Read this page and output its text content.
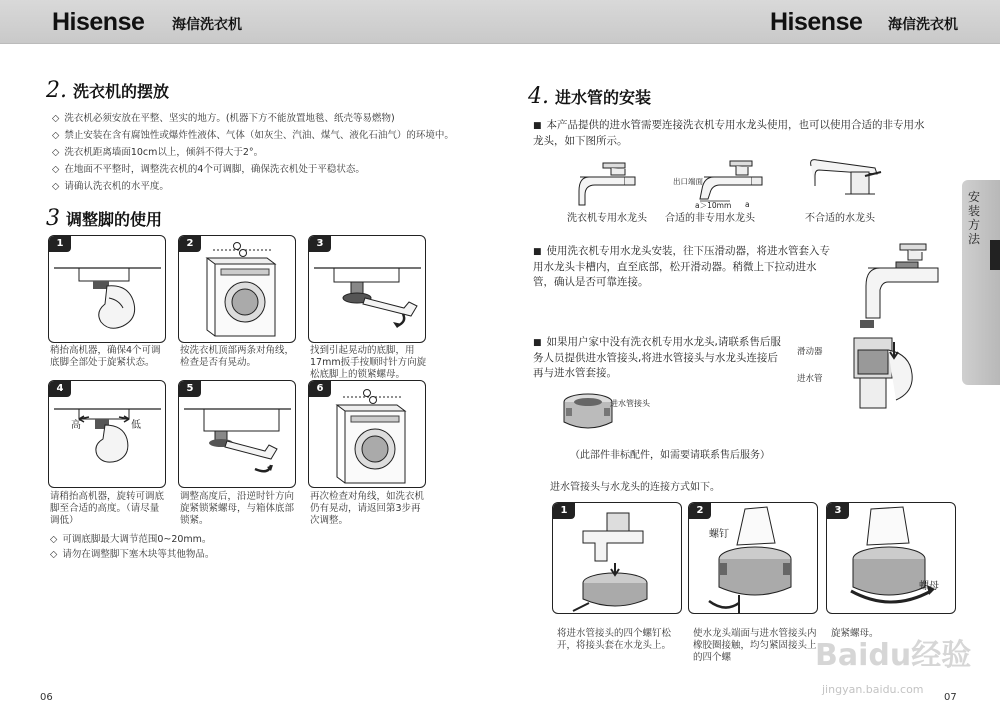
Hisense 海信洗衣机	Hisense 海信洗衣机
2. 洗衣机的摆放
◇ 洗衣机必须安放在平整、坚实的地方。(机器下方不能放置地毯、纸壳等易燃物)
◇ 禁止安装在含有腐蚀性或爆炸性液体、气体（如灰尘、汽油、煤气、液化石油气）的环境中。
◇ 洗衣机距离墙面10cm以上，倾斜不得大于2°。
◇ 在地面不平整时，调整洗衣机的4个可调脚，确保洗衣机处于平稳状态。
◇ 请确认洗衣机的水平度。
3 调整脚的使用
1
稍抬高机器，确保4个可调底脚全部处于旋紧状态。
2
按洗衣机顶部两条对角线，检查是否有晃动。
3
找到引起晃动的底脚，用17mm扳手按顺时针方向旋松底脚上的锁紧螺母。
高	低
4
请稍抬高机器，旋转可调底脚至合适的高度。（请尽量调低）
5
调整高度后，沿逆时针方向旋紧锁紧螺母，与箱体底部锁紧。
6
再次检查对角线，如洗衣机仍有晃动，请返回第3步再次调整。
◇ 可调底脚最大调节范围0~20mm。
◇ 请勿在调整脚下塞木块等其他物品。
06
4. 进水管的安装
■ 本产品提供的进水管需要连接洗衣机专用水龙头使用，也可以使用合适的非专用水龙头，如下图所示。
出口端面
a＞10mm a
洗衣机专用水龙头 合适的非专用水龙头	不合适的水龙头
■ 使用洗衣机专用水龙头安装，往下压滑动器，将进水管套入专用水龙头卡槽内，直至底部，松开滑动器。稍微上下拉动进水管，确认是否可靠连接。
滑动器
进水管
■ 如果用户家中没有洗衣机专用水龙头,请联系售后服务人员提供进水管接头,将进水管接头与水龙头连接后再与进水管套接。
进水管接头
（此部件非标配件，如需要请联系售后服务）
进水管接头与水龙头的连接方式如下。
1
将进水管接头的四个螺钉松开，将接头套在水龙头上。
螺钉
2
使水龙头端面与进水管接头内橡胶圈接触，均匀紧固接头上的四个螺
螺母
3
旋紧螺母。
安装方法
Baidu经验
jingyan.baidu.com
07
